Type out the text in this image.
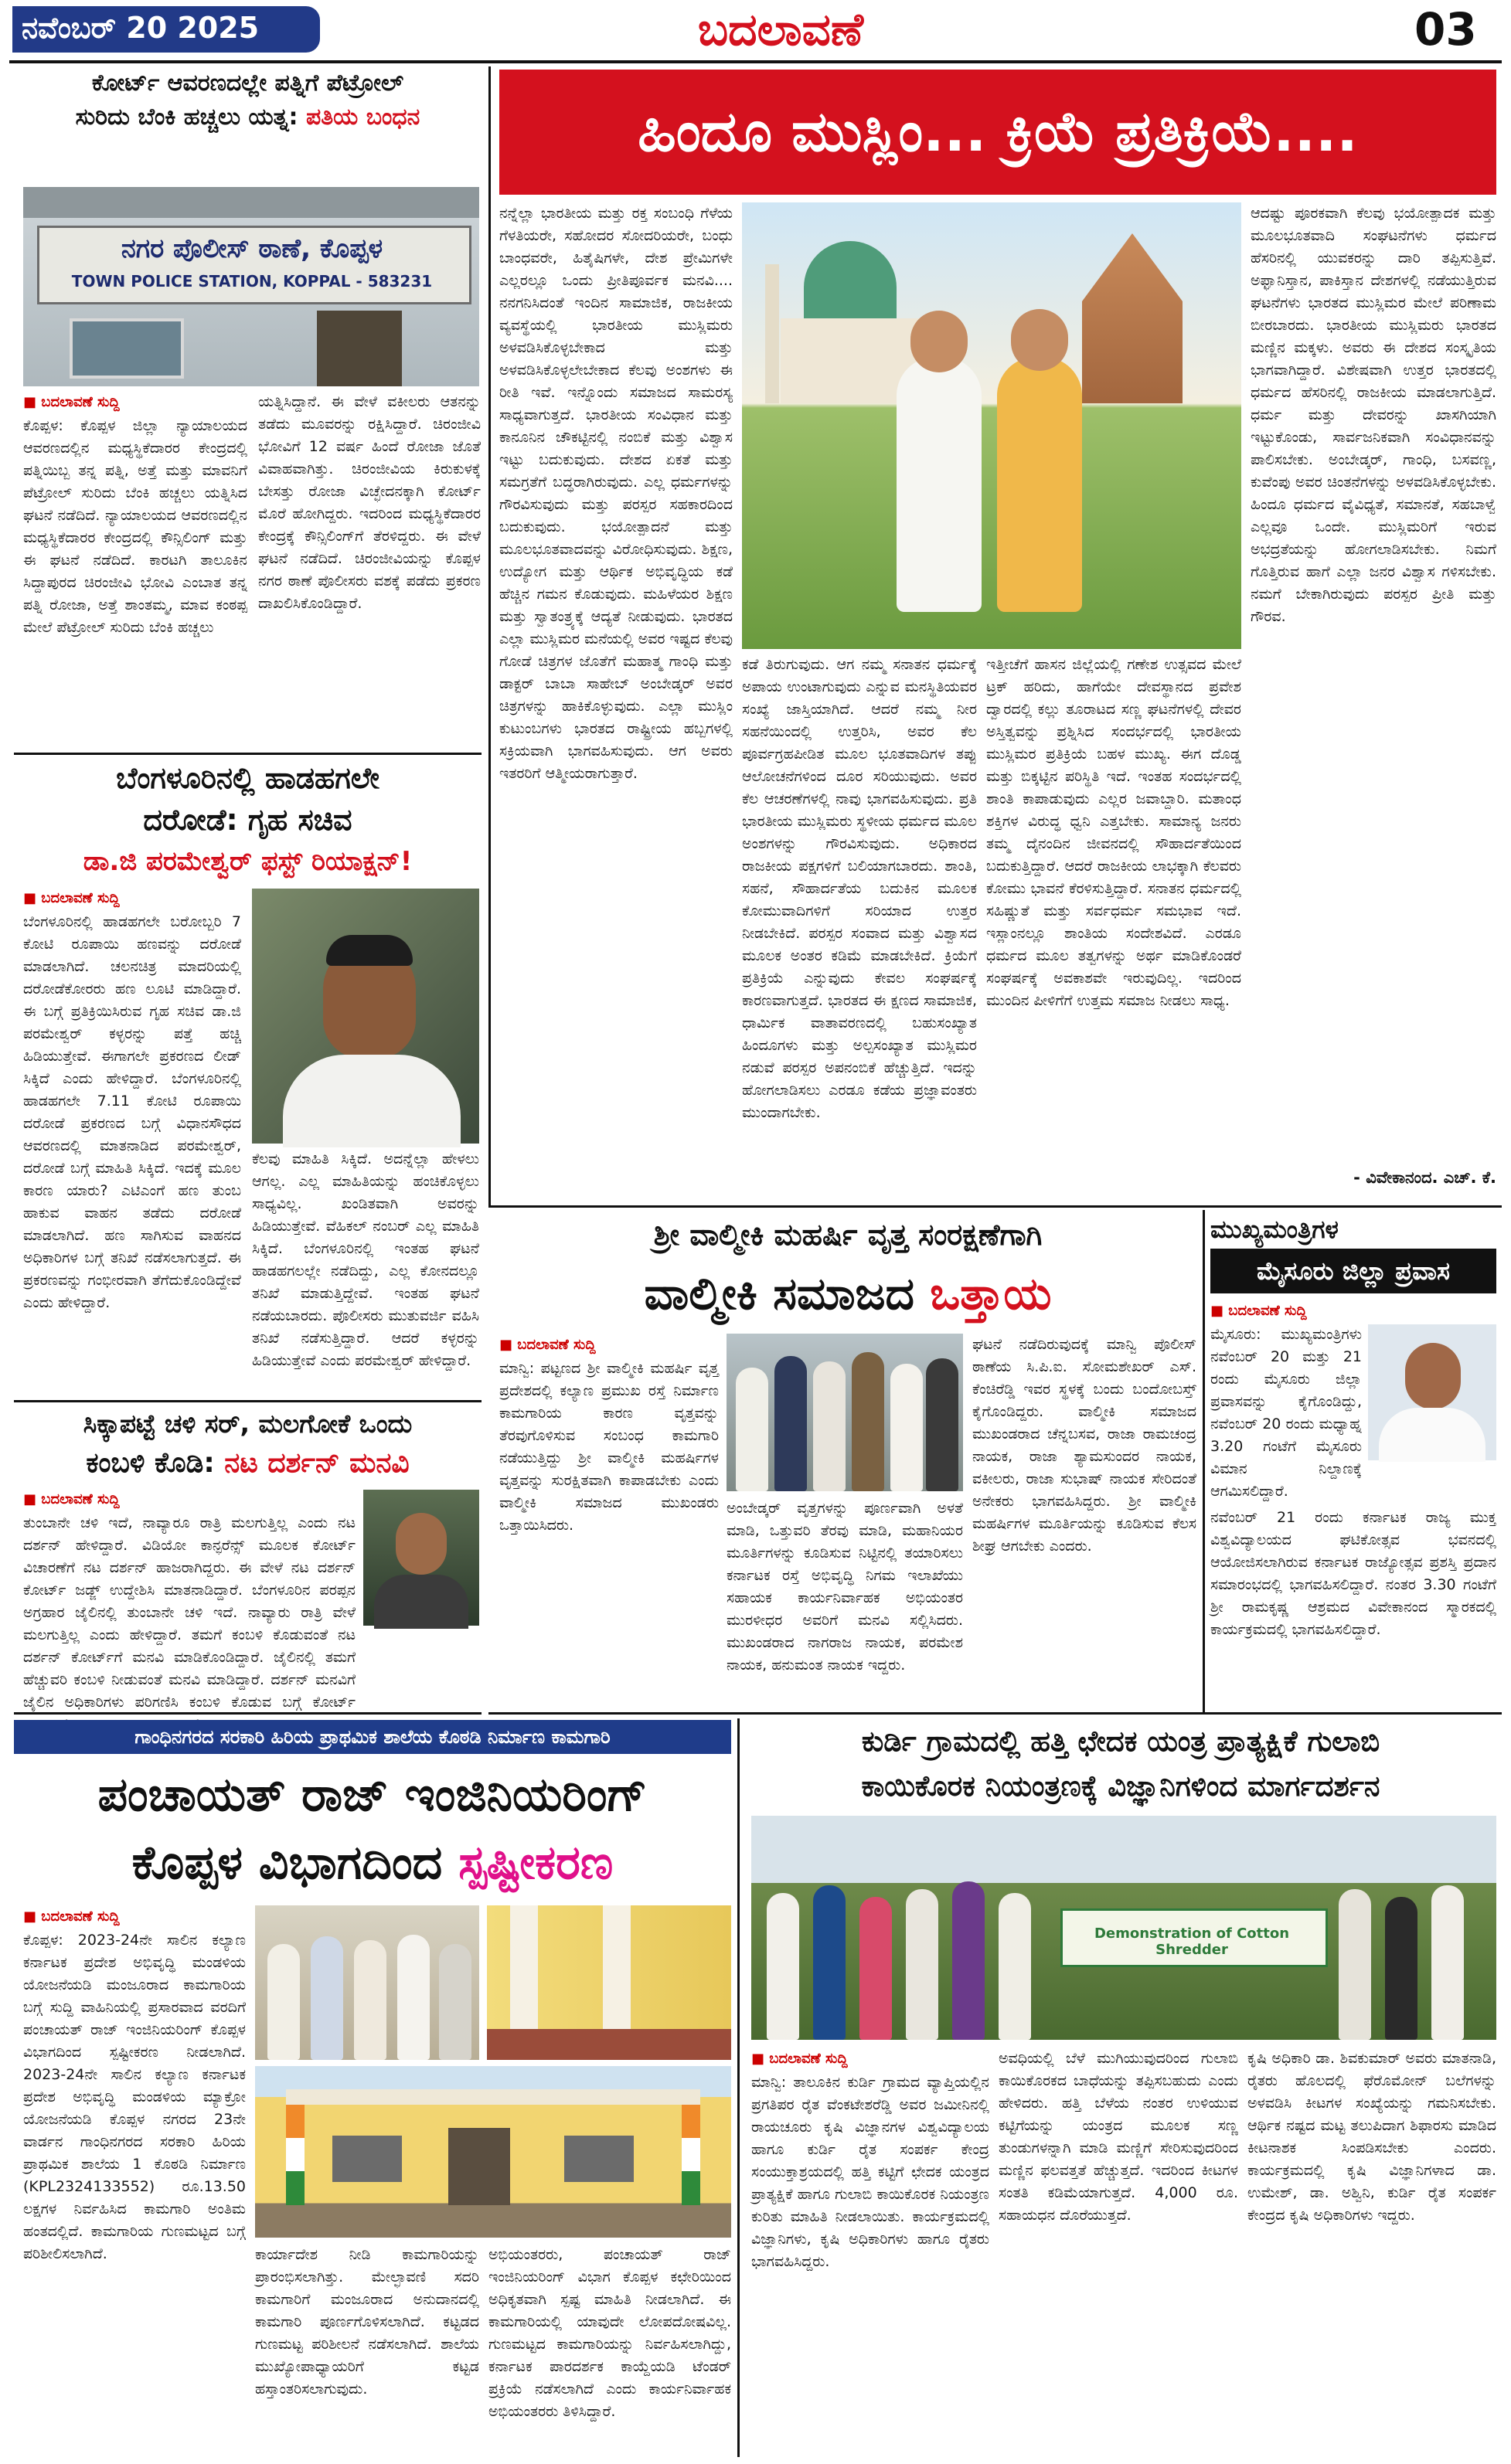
ನವೆಂಬರ್ 20 2025	ಬದಲಾವಣೆ	03
ಕೋರ್ಟ್ ಆವರಣದಲ್ಲೇ ಪತ್ನಿಗೆ ಪೆಟ್ರೋಲ್
ಸುರಿದು ಬೆಂಕಿ ಹಚ್ಚಲು ಯತ್ನ: ಪತಿಯ ಬಂಧನ
ನಗರ ಪೊಲೀಸ್ ಠಾಣೆ, ಕೊಪ್ಪಳ
TOWN POLICE STATION, KOPPAL - 583231
■ ಬದಲಾವಣೆ ಸುದ್ದಿ
ಕೊಪ್ಪಳ: ಕೊಪ್ಪಳ ಜಿಲ್ಲಾ ನ್ಯಾಯಾಲಯದ ಆವರಣದಲ್ಲಿನ ಮಧ್ಯಸ್ಥಿಕೆದಾರರ ಕೇಂದ್ರದಲ್ಲಿ ಪತ್ನಿಯಿಬ್ಬ ತನ್ನ ಪತ್ನಿ, ಅತ್ತೆ ಮತ್ತು ಮಾವನಿಗೆ ಪೆಟ್ರೋಲ್ ಸುರಿದು ಬೆಂಕಿ ಹಚ್ಚಲು ಯತ್ನಿಸಿದ ಘಟನೆ ನಡೆದಿದೆ. ನ್ಯಾಯಾಲಯದ ಆವರಣದಲ್ಲಿನ ಮಧ್ಯಸ್ಥಿಕೆದಾರರ ಕೇಂದ್ರದಲ್ಲಿ ಕೌನ್ಸಿಲಿಂಗ್ ಮತ್ತು ಈ ಘಟನೆ ನಡೆದಿದೆ. ಕಾರಟಗಿ ತಾಲೂಕಿನ ಸಿದ್ದಾಪುರದ ಚಿರಂಜೀವಿ ಭೋವಿ ಎಂಬಾತ ತನ್ನ ಪತ್ನಿ ರೋಜಾ, ಅತ್ತೆ ಶಾಂತಮ್ಮ, ಮಾವ ಕಂಠಪ್ಪ ಮೇಲೆ ಪೆಟ್ರೋಲ್ ಸುರಿದು ಬೆಂಕಿ ಹಚ್ಚಲು
ಯತ್ನಿಸಿದ್ದಾನೆ. ಈ ವೇಳೆ ವಕೀಲರು ಆತನನ್ನು ತಡೆದು ಮೂವರನ್ನು ರಕ್ಷಿಸಿದ್ದಾರೆ. ಚಿರಂಜೀವಿ ಭೋವಿಗೆ 12 ವರ್ಷ ಹಿಂದೆ ರೋಜಾ ಜೊತೆ ವಿವಾಹವಾಗಿತ್ತು. ಚಿರಂಜೀವಿಯ ಕಿರುಕುಳಕ್ಕೆ ಬೇಸತ್ತು ರೋಜಾ ವಿಚ್ಛೇದನಕ್ಕಾಗಿ ಕೋರ್ಟ್ ಮೊರೆ ಹೋಗಿದ್ದರು. ಇದರಿಂದ ಮಧ್ಯಸ್ಥಿಕೆದಾರರ ಕೇಂದ್ರಕ್ಕೆ ಕೌನ್ಸಿಲಿಂಗ್‌ಗೆ ತೆರಳಿದ್ದರು. ಈ ವೇಳೆ ಘಟನೆ ನಡೆದಿದೆ. ಚಿರಂಜೀವಿಯನ್ನು ಕೊಪ್ಪಳ ನಗರ ಠಾಣೆ ಪೊಲೀಸರು ವಶಕ್ಕೆ ಪಡೆದು ಪ್ರಕರಣ ದಾಖಲಿಸಿಕೊಂಡಿದ್ದಾರೆ.
ಬೆಂಗಳೂರಿನಲ್ಲಿ ಹಾಡಹಗಲೇ
ದರೋಡೆ: ಗೃಹ ಸಚಿವ
ಡಾ.ಜಿ ಪರಮೇಶ್ವರ್ ಫಸ್ಟ್ ರಿಯಾಕ್ಷನ್!
■ ಬದಲಾವಣೆ ಸುದ್ದಿ
ಬೆಂಗಳೂರಿನಲ್ಲಿ ಹಾಡಹಗಲೇ ಬರೋಬ್ಬರಿ 7 ಕೋಟಿ ರೂಪಾಯಿ ಹಣವನ್ನು ದರೋಡೆ ಮಾಡಲಾಗಿದೆ. ಚಲನಚಿತ್ರ ಮಾದರಿಯಲ್ಲಿ ದರೋಡೆಕೋರರು ಹಣ ಲೂಟಿ ಮಾಡಿದ್ದಾರೆ. ಈ ಬಗ್ಗೆ ಪ್ರತಿಕ್ರಿಯಿಸಿರುವ ಗೃಹ ಸಚಿವ ಡಾ.ಜಿ ಪರಮೇಶ್ವರ್ ಕಳ್ಳರನ್ನು ಪತ್ತೆ ಹಚ್ಚಿ ಹಿಡಿಯುತ್ತೇವೆ. ಈಗಾಗಲೇ ಪ್ರಕರಣದ ಲೀಡ್ ಸಿಕ್ಕಿದೆ ಎಂದು ಹೇಳಿದ್ದಾರೆ. ಬೆಂಗಳೂರಿನಲ್ಲಿ ಹಾಡಹಗಲೇ 7.11 ಕೋಟಿ ರೂಪಾಯಿ ದರೋಡೆ ಪ್ರಕರಣದ ಬಗ್ಗೆ ವಿಧಾನಸೌಧದ ಆವರಣದಲ್ಲಿ ಮಾತನಾಡಿದ ಪರಮೇಶ್ವರ್, ದರೋಡೆ ಬಗ್ಗೆ ಮಾಹಿತಿ ಸಿಕ್ಕಿದೆ. ಇದಕ್ಕೆ ಮೂಲ ಕಾರಣ ಯಾರು? ಎಟಿಎಂಗೆ ಹಣ ತುಂಬ ಹಾಕುವ ವಾಹನ ತಡೆದು ದರೋಡೆ ಮಾಡಲಾಗಿದೆ. ಹಣ ಸಾಗಿಸುವ ವಾಹನದ ಅಧಿಕಾರಿಗಳ ಬಗ್ಗೆ ತನಿಖೆ ನಡೆಸಲಾಗುತ್ತದೆ. ಈ ಪ್ರಕರಣವನ್ನು ಗಂಭೀರವಾಗಿ ತೆಗೆದುಕೊಂಡಿದ್ದೇವೆ ಎಂದು ಹೇಳಿದ್ದಾರೆ.
ಕೆಲವು ಮಾಹಿತಿ ಸಿಕ್ಕಿದೆ. ಅದನ್ನೆಲ್ಲಾ ಹೇಳಲು ಆಗಲ್ಲ. ಎಲ್ಲ ಮಾಹಿತಿಯನ್ನು ಹಂಚಿಕೊಳ್ಳಲು ಸಾಧ್ಯವಿಲ್ಲ. ಖಂಡಿತವಾಗಿ ಅವರನ್ನು ಹಿಡಿಯುತ್ತೇವೆ. ವೆಹಿಕಲ್ ನಂಬರ್ ಎಲ್ಲ ಮಾಹಿತಿ ಸಿಕ್ಕಿದೆ. ಬೆಂಗಳೂರಿನಲ್ಲಿ ಇಂತಹ ಘಟನೆ ಹಾಡಹಗಲಲ್ಲೇ ನಡೆದಿದ್ದು, ಎಲ್ಲ ಕೋನದಲ್ಲೂ ತನಿಖೆ ಮಾಡುತ್ತಿದ್ದೇವೆ. ಇಂತಹ ಘಟನೆ ನಡೆಯಬಾರದು. ಪೊಲೀಸರು ಮುತುವರ್ಜಿ ವಹಿಸಿ ತನಿಖೆ ನಡೆಸುತ್ತಿದ್ದಾರೆ. ಆದರೆ ಕಳ್ಳರನ್ನು ಹಿಡಿಯುತ್ತೇವೆ ಎಂದು ಪರಮೇಶ್ವರ್ ಹೇಳಿದ್ದಾರೆ.
ಸಿಕ್ಕಾಪಟ್ಟೆ ಚಳಿ ಸರ್, ಮಲಗೋಕೆ ಒಂದು
ಕಂಬಳಿ ಕೊಡಿ: ನಟ ದರ್ಶನ್ ಮನವಿ
■ ಬದಲಾವಣೆ ಸುದ್ದಿ
ತುಂಬಾನೇ ಚಳಿ ಇದೆ, ನಾವ್ಯಾರೂ ರಾತ್ರಿ ಮಲಗುತ್ತಿಲ್ಲ ಎಂದು ನಟ ದರ್ಶನ್ ಹೇಳಿದ್ದಾರೆ. ವಿಡಿಯೋ ಕಾನ್ಫರೆನ್ಸ್ ಮೂಲಕ ಕೋರ್ಟ್ ವಿಚಾರಣೆಗೆ ನಟ ದರ್ಶನ್ ಹಾಜರಾಗಿದ್ದರು. ಈ ವೇಳೆ ನಟ ದರ್ಶನ್ ಕೋರ್ಟ್ ಜಡ್ಜ್ ಉದ್ದೇಶಿಸಿ ಮಾತನಾಡಿದ್ದಾರೆ. ಬೆಂಗಳೂರಿನ ಪರಪ್ಪನ ಅಗ್ರಹಾರ ಜೈಲಿನಲ್ಲಿ ತುಂಬಾನೇ ಚಳಿ ಇದೆ. ನಾವ್ಯಾರು ರಾತ್ರಿ ವೇಳೆ ಮಲಗುತ್ತಿಲ್ಲ ಎಂದು ಹೇಳಿದ್ದಾರೆ. ತಮಗೆ ಕಂಬಳಿ ಕೊಡುವಂತೆ ನಟ ದರ್ಶನ್ ಕೋರ್ಟ್‌ಗೆ ಮನವಿ ಮಾಡಿಕೊಂಡಿದ್ದಾರೆ. ಜೈಲಿನಲ್ಲಿ ತಮಗೆ ಹೆಚ್ಚುವರಿ ಕಂಬಳಿ ನೀಡುವಂತೆ ಮನವಿ ಮಾಡಿದ್ದಾರೆ. ದರ್ಶನ್ ಮನವಿಗೆ ಜೈಲಿನ ಅಧಿಕಾರಿಗಳು ಪರಿಗಣಿಸಿ ಕಂಬಳಿ ಕೊಡುವ ಬಗ್ಗೆ ಕೋರ್ಟ್
ಹಿಂದೂ ಮುಸ್ಲಿಂ... ಕ್ರಿಯೆ ಪ್ರತಿಕ್ರಿಯೆ....
ನನ್ನೆಲ್ಲಾ ಭಾರತೀಯ ಮತ್ತು ರಕ್ತ ಸಂಬಂಧಿ ಗೆಳೆಯ ಗೆಳತಿಯರೇ, ಸಹೋದರ ಸೋದರಿಯರೇ, ಬಂಧು ಬಾಂಧವರೇ, ಹಿತೈಷಿಗಳೇ, ದೇಶ ಪ್ರೇಮಿಗಳೇ ಎಲ್ಲರಲ್ಲೂ ಒಂದು ಪ್ರೀತಿಪೂರ್ವಕ ಮನವಿ.... ನನಗನಿಸಿದಂತೆ ಇಂದಿನ ಸಾಮಾಜಿಕ, ರಾಜಕೀಯ ವ್ಯವಸ್ಥೆಯಲ್ಲಿ ಭಾರತೀಯ ಮುಸ್ಲಿಮರು ಅಳವಡಿಸಿಕೊಳ್ಳಬೇಕಾದ ಮತ್ತು ಅಳವಡಿಸಿಕೊಳ್ಳಲೇಬೇಕಾದ ಕೆಲವು ಅಂಶಗಳು ಈ ರೀತಿ ಇವೆ. ಇನ್ನೊಂದು ಸಮಾಜದ ಸಾಮರಸ್ಯ ಸಾಧ್ಯವಾಗುತ್ತದೆ. ಭಾರತೀಯ ಸಂವಿಧಾನ ಮತ್ತು ಕಾನೂನಿನ ಚೌಕಟ್ಟಿನಲ್ಲಿ ನಂಬಿಕೆ ಮತ್ತು ವಿಶ್ವಾಸ ಇಟ್ಟು ಬದುಕುವುದು. ದೇಶದ ಏಕತೆ ಮತ್ತು ಸಮಗ್ರತೆಗೆ ಬದ್ಧರಾಗಿರುವುದು. ಎಲ್ಲ ಧರ್ಮಗಳನ್ನು ಗೌರವಿಸುವುದು ಮತ್ತು ಪರಸ್ಪರ ಸಹಕಾರದಿಂದ ಬದುಕುವುದು. ಭಯೋತ್ಪಾದನೆ ಮತ್ತು ಮೂಲಭೂತವಾದವನ್ನು ವಿರೋಧಿಸುವುದು. ಶಿಕ್ಷಣ, ಉದ್ಯೋಗ ಮತ್ತು ಆರ್ಥಿಕ ಅಭಿವೃದ್ಧಿಯ ಕಡೆ ಹೆಚ್ಚಿನ ಗಮನ ಕೊಡುವುದು. ಮಹಿಳೆಯರ ಶಿಕ್ಷಣ ಮತ್ತು ಸ್ವಾತಂತ್ರ್ಯಕ್ಕೆ ಆದ್ಯತೆ ನೀಡುವುದು. ಭಾರತದ ಎಲ್ಲಾ ಮುಸ್ಲಿಮರ ಮನೆಯಲ್ಲಿ ಅವರ ಇಷ್ಟದ ಕೆಲವು ಗೋಡೆ ಚಿತ್ರಗಳ ಜೊತೆಗೆ ಮಹಾತ್ಮ ಗಾಂಧಿ ಮತ್ತು ಡಾಕ್ಟರ್ ಬಾಬಾ ಸಾಹೇಬ್ ಅಂಬೇಡ್ಕರ್ ಅವರ ಚಿತ್ರಗಳನ್ನು ಹಾಕಿಕೊಳ್ಳುವುದು. ಎಲ್ಲಾ ಮುಸ್ಲಿಂ ಕುಟುಂಬಗಳು ಭಾರತದ ರಾಷ್ಟ್ರೀಯ ಹಬ್ಬಗಳಲ್ಲಿ ಸಕ್ರಿಯವಾಗಿ ಭಾಗವಹಿಸುವುದು. ಆಗ ಅವರು ಇತರರಿಗೆ ಆತ್ಮೀಯರಾಗುತ್ತಾರೆ.
ಕಡೆ ತಿರುಗುವುದು. ಆಗ ನಮ್ಮ ಸನಾತನ ಧರ್ಮಕ್ಕೆ ಅಪಾಯ ಉಂಟಾಗುವುದು ಎನ್ನುವ ಮನಸ್ಥಿತಿಯವರ ಸಂಖ್ಯೆ ಜಾಸ್ತಿಯಾಗಿದೆ. ಆದರೆ ನಮ್ಮ ನೀರ ಸಹನೆಯಿಂದಲ್ಲಿ ಉತ್ತರಿಸಿ, ಅವರ ಕೆಲ ಪೂರ್ವಗ್ರಹಪೀಡಿತ ಮೂಲ ಭೂತವಾದಿಗಳ ತಪ್ಪು ಆಲೋಚನೆಗಳಿಂದ ದೂರ ಸರಿಯುವುದು. ಅವರ ಕೆಲ ಆಚರಣೆಗಳಲ್ಲಿ ನಾವು ಭಾಗವಹಿಸುವುದು. ಪ್ರತಿ ಭಾರತೀಯ ಮುಸ್ಲಿಮರು ಸ್ಥಳೀಯ ಧರ್ಮದ ಮೂಲ ಅಂಶಗಳನ್ನು ಗೌರವಿಸುವುದು. ಅಧಿಕಾರದ ರಾಜಕೀಯ ಪಕ್ಷಗಳಿಗೆ ಬಲಿಯಾಗಬಾರದು. ಶಾಂತಿ, ಸಹನೆ, ಸೌಹಾರ್ದತೆಯ ಬದುಕಿನ ಮೂಲಕ ಕೋಮುವಾದಿಗಳಿಗೆ ಸರಿಯಾದ ಉತ್ತರ ನೀಡಬೇಕಿದೆ. ಪರಸ್ಪರ ಸಂವಾದ ಮತ್ತು ವಿಶ್ವಾಸದ ಮೂಲಕ ಅಂತರ ಕಡಿಮೆ ಮಾಡಬೇಕಿದೆ. ಕ್ರಿಯೆಗೆ ಪ್ರತಿಕ್ರಿಯೆ ಎನ್ನುವುದು ಕೇವಲ ಸಂಘರ್ಷಕ್ಕೆ ಕಾರಣವಾಗುತ್ತದೆ. ಭಾರತದ ಈ ಕ್ಷಣದ ಸಾಮಾಜಿಕ, ಧಾರ್ಮಿಕ ವಾತಾವರಣದಲ್ಲಿ ಬಹುಸಂಖ್ಯಾತ ಹಿಂದೂಗಳು ಮತ್ತು ಅಲ್ಪಸಂಖ್ಯಾತ ಮುಸ್ಲಿಮರ ನಡುವೆ ಪರಸ್ಪರ ಅಪನಂಬಿಕೆ ಹೆಚ್ಚುತ್ತಿದೆ. ಇದನ್ನು ಹೋಗಲಾಡಿಸಲು ಎರಡೂ ಕಡೆಯ ಪ್ರಜ್ಞಾವಂತರು ಮುಂದಾಗಬೇಕು.
ಇತ್ತೀಚೆಗೆ ಹಾಸನ ಜಿಲ್ಲೆಯಲ್ಲಿ ಗಣೇಶ ಉತ್ಸವದ ಮೇಲೆ ಟ್ರಕ್ ಹರಿದು, ಹಾಗೆಯೇ ದೇವಸ್ಥಾನದ ಪ್ರವೇಶ ದ್ವಾರದಲ್ಲಿ ಕಲ್ಲು ತೂರಾಟದ ಸಣ್ಣ ಘಟನೆಗಳಲ್ಲಿ ದೇವರ ಅಸ್ತಿತ್ವವನ್ನು ಪ್ರಶ್ನಿಸಿದ ಸಂದರ್ಭದಲ್ಲಿ ಭಾರತೀಯ ಮುಸ್ಲಿಮರ ಪ್ರತಿಕ್ರಿಯೆ ಬಹಳ ಮುಖ್ಯ. ಈಗ ದೊಡ್ಡ ಮತ್ತು ಬಿಕ್ಕಟ್ಟಿನ ಪರಿಸ್ಥಿತಿ ಇದೆ. ಇಂತಹ ಸಂದರ್ಭದಲ್ಲಿ ಶಾಂತಿ ಕಾಪಾಡುವುದು ಎಲ್ಲರ ಜವಾಬ್ದಾರಿ. ಮತಾಂಧ ಶಕ್ತಿಗಳ ವಿರುದ್ಧ ಧ್ವನಿ ಎತ್ತಬೇಕು. ಸಾಮಾನ್ಯ ಜನರು ತಮ್ಮ ದೈನಂದಿನ ಜೀವನದಲ್ಲಿ ಸೌಹಾರ್ದತೆಯಿಂದ ಬದುಕುತ್ತಿದ್ದಾರೆ. ಆದರೆ ರಾಜಕೀಯ ಲಾಭಕ್ಕಾಗಿ ಕೆಲವರು ಕೋಮು ಭಾವನೆ ಕೆರಳಿಸುತ್ತಿದ್ದಾರೆ. ಸನಾತನ ಧರ್ಮದಲ್ಲಿ ಸಹಿಷ್ಣುತೆ ಮತ್ತು ಸರ್ವಧರ್ಮ ಸಮಭಾವ ಇದೆ. ಇಸ್ಲಾಂನಲ್ಲೂ ಶಾಂತಿಯ ಸಂದೇಶವಿದೆ. ಎರಡೂ ಧರ್ಮದ ಮೂಲ ತತ್ವಗಳನ್ನು ಅರ್ಥ ಮಾಡಿಕೊಂಡರೆ ಸಂಘರ್ಷಕ್ಕೆ ಅವಕಾಶವೇ ಇರುವುದಿಲ್ಲ. ಇದರಿಂದ ಮುಂದಿನ ಪೀಳಿಗೆಗೆ ಉತ್ತಮ ಸಮಾಜ ನೀಡಲು ಸಾಧ್ಯ.
ಆದಷ್ಟು ಪೂರಕವಾಗಿ ಕೆಲವು ಭಯೋತ್ಪಾದಕ ಮತ್ತು ಮೂಲಭೂತವಾದಿ ಸಂಘಟನೆಗಳು ಧರ್ಮದ ಹೆಸರಿನಲ್ಲಿ ಯುವಕರನ್ನು ದಾರಿ ತಪ್ಪಿಸುತ್ತಿವೆ. ಅಫ್ಘಾನಿಸ್ತಾನ, ಪಾಕಿಸ್ತಾನ ದೇಶಗಳಲ್ಲಿ ನಡೆಯುತ್ತಿರುವ ಘಟನೆಗಳು ಭಾರತದ ಮುಸ್ಲಿಮರ ಮೇಲೆ ಪರಿಣಾಮ ಬೀರಬಾರದು. ಭಾರತೀಯ ಮುಸ್ಲಿಮರು ಭಾರತದ ಮಣ್ಣಿನ ಮಕ್ಕಳು. ಅವರು ಈ ದೇಶದ ಸಂಸ್ಕೃತಿಯ ಭಾಗವಾಗಿದ್ದಾರೆ. ವಿಶೇಷವಾಗಿ ಉತ್ತರ ಭಾರತದಲ್ಲಿ ಧರ್ಮದ ಹೆಸರಿನಲ್ಲಿ ರಾಜಕೀಯ ಮಾಡಲಾಗುತ್ತಿದೆ. ಧರ್ಮ ಮತ್ತು ದೇವರನ್ನು ಖಾಸಗಿಯಾಗಿ ಇಟ್ಟುಕೊಂಡು, ಸಾರ್ವಜನಿಕವಾಗಿ ಸಂವಿಧಾನವನ್ನು ಪಾಲಿಸಬೇಕು. ಅಂಬೇಡ್ಕರ್, ಗಾಂಧಿ, ಬಸವಣ್ಣ, ಕುವೆಂಪು ಅವರ ಚಿಂತನೆಗಳನ್ನು ಅಳವಡಿಸಿಕೊಳ್ಳಬೇಕು. ಹಿಂದೂ ಧರ್ಮದ ವೈವಿಧ್ಯತೆ, ಸಮಾನತೆ, ಸಹಬಾಳ್ವೆ ಎಲ್ಲವೂ ಒಂದೇ. ಮುಸ್ಲಿಮರಿಗೆ ಇರುವ ಅಭದ್ರತೆಯನ್ನು ಹೋಗಲಾಡಿಸಬೇಕು. ನಿಮಗೆ ಗೊತ್ತಿರುವ ಹಾಗೆ ಎಲ್ಲಾ ಜನರ ವಿಶ್ವಾಸ ಗಳಿಸಬೇಕು. ನಮಗೆ ಬೇಕಾಗಿರುವುದು ಪರಸ್ಪರ ಪ್ರೀತಿ ಮತ್ತು ಗೌರವ.
- ವಿವೇಕಾನಂದ. ಎಚ್. ಕೆ.
ಶ್ರೀ ವಾಲ್ಮೀಕಿ ಮಹರ್ಷಿ ವೃತ್ತ ಸಂರಕ್ಷಣೆಗಾಗಿ
ವಾಲ್ಮೀಕಿ ಸಮಾಜದ ಒತ್ತಾಯ
■ ಬದಲಾವಣೆ ಸುದ್ದಿ
ಮಾನ್ವಿ: ಪಟ್ಟಣದ ಶ್ರೀ ವಾಲ್ಮೀಕಿ ಮಹರ್ಷಿ ವೃತ್ತ ಪ್ರದೇಶದಲ್ಲಿ ಕಲ್ಯಾಣ ಪ್ರಮುಖ ರಸ್ತೆ ನಿರ್ಮಾಣ ಕಾಮಗಾರಿಯ ಕಾರಣ ವೃತ್ತವನ್ನು ತೆರವುಗೊಳಿಸುವ ಸಂಬಂಧ ಕಾಮಗಾರಿ ನಡೆಯುತ್ತಿದ್ದು ಶ್ರೀ ವಾಲ್ಮೀಕಿ ಮಹರ್ಷಿಗಳ ವೃತ್ತವನ್ನು ಸುರಕ್ಷಿತವಾಗಿ ಕಾಪಾಡಬೇಕು ಎಂದು ವಾಲ್ಮೀಕಿ ಸಮಾಜದ ಮುಖಂಡರು ಒತ್ತಾಯಿಸಿದರು.
ಅಂಬೇಡ್ಕರ್ ವೃತ್ತಗಳನ್ನು ಪೂರ್ಣವಾಗಿ ಅಳತೆ ಮಾಡಿ, ಒತ್ತುವರಿ ತೆರವು ಮಾಡಿ, ಮಹಾನಿಯರ ಮೂರ್ತಿಗಳನ್ನು ಕೂಡಿಸುವ ನಿಟ್ಟಿನಲ್ಲಿ ತಯಾರಿಸಲು ಕರ್ನಾಟಕ ರಸ್ತೆ ಅಭಿವೃದ್ಧಿ ನಿಗಮ ಇಲಾಖೆಯು ಸಹಾಯಕ ಕಾರ್ಯನಿರ್ವಾಹಕ ಅಭಿಯಂತರ ಮುರಳೀಧರ ಅವರಿಗೆ ಮನವಿ ಸಲ್ಲಿಸಿದರು. ಮುಖಂಡರಾದ ನಾಗರಾಜ ನಾಯಕ, ಪರಮೇಶ ನಾಯಕ, ಹನುಮಂತ ನಾಯಕ ಇದ್ದರು.
ಘಟನೆ ನಡೆದಿರುವುದಕ್ಕೆ ಮಾನ್ವಿ ಪೊಲೀಸ್ ಠಾಣೆಯ ಸಿ.ಪಿ.ಐ. ಸೋಮಶೇಖರ್ ಎಸ್. ಕೆಂಚಿರೆಡ್ಡಿ ಇವರ ಸ್ಥಳಕ್ಕೆ ಬಂದು ಬಂದೋಬಸ್ತ್ ಕೈಗೊಂಡಿದ್ದರು. ವಾಲ್ಮೀಕಿ ಸಮಾಜದ ಮುಖಂಡರಾದ ಚೆನ್ನಬಸವ, ರಾಜಾ ರಾಮಚಂದ್ರ ನಾಯಕ, ರಾಜಾ ಶ್ಯಾಮಸುಂದರ ನಾಯಕ, ವಕೀಲರು, ರಾಜಾ ಸುಭಾಷ್ ನಾಯಕ ಸೇರಿದಂತೆ ಅನೇಕರು ಭಾಗವಹಿಸಿದ್ದರು. ಶ್ರೀ ವಾಲ್ಮೀಕಿ ಮಹರ್ಷಿಗಳ ಮೂರ್ತಿಯನ್ನು ಕೂಡಿಸುವ ಕೆಲಸ ಶೀಘ್ರ ಆಗಬೇಕು ಎಂದರು.
ಮುಖ್ಯಮಂತ್ರಿಗಳ
ಮೈಸೂರು ಜಿಲ್ಲಾ ಪ್ರವಾಸ
■ ಬದಲಾವಣೆ ಸುದ್ದಿ
ಮೈಸೂರು: ಮುಖ್ಯಮಂತ್ರಿಗಳು ನವೆಂಬರ್ 20 ಮತ್ತು 21 ರಂದು ಮೈಸೂರು ಜಿಲ್ಲಾ ಪ್ರವಾಸವನ್ನು ಕೈಗೊಂಡಿದ್ದು, ನವೆಂಬರ್ 20 ರಂದು ಮಧ್ಯಾಹ್ನ 3.20 ಗಂಟೆಗೆ ಮೈಸೂರು ವಿಮಾನ ನಿಲ್ದಾಣಕ್ಕೆ ಆಗಮಿಸಲಿದ್ದಾರೆ.
ನವೆಂಬರ್ 21 ರಂದು ಕರ್ನಾಟಕ ರಾಜ್ಯ ಮುಕ್ತ ವಿಶ್ವವಿದ್ಯಾಲಯದ ಘಟಿಕೋತ್ಸವ ಭವನದಲ್ಲಿ ಆಯೋಜಿಸಲಾಗಿರುವ ಕರ್ನಾಟಕ ರಾಜ್ಯೋತ್ಸವ ಪ್ರಶಸ್ತಿ ಪ್ರದಾನ ಸಮಾರಂಭದಲ್ಲಿ ಭಾಗವಹಿಸಲಿದ್ದಾರೆ. ನಂತರ 3.30 ಗಂಟೆಗೆ ಶ್ರೀ ರಾಮಕೃಷ್ಣ ಆಶ್ರಮದ ವಿವೇಕಾನಂದ ಸ್ಮಾರಕದಲ್ಲಿ ಕಾರ್ಯಕ್ರಮದಲ್ಲಿ ಭಾಗವಹಿಸಲಿದ್ದಾರೆ.
ಗಾಂಧಿನಗರದ ಸರಕಾರಿ ಹಿರಿಯ ಪ್ರಾಥಮಿಕ ಶಾಲೆಯ ಕೊಠಡಿ ನಿರ್ಮಾಣ ಕಾಮಗಾರಿ
ಪಂಚಾಯತ್ ರಾಜ್ ಇಂಜಿನಿಯರಿಂಗ್
ಕೊಪ್ಪಳ ವಿಭಾಗದಿಂದ ಸ್ಪಷ್ಟೀಕರಣ
■ ಬದಲಾವಣೆ ಸುದ್ದಿ
ಕೊಪ್ಪಳ: 2023-24ನೇ ಸಾಲಿನ ಕಲ್ಯಾಣ ಕರ್ನಾಟಕ ಪ್ರದೇಶ ಅಭಿವೃದ್ಧಿ ಮಂಡಳಿಯ ಯೋಜನೆಯಡಿ ಮಂಜೂರಾದ ಕಾಮಗಾರಿಯ ಬಗ್ಗೆ ಸುದ್ದಿ ವಾಹಿನಿಯಲ್ಲಿ ಪ್ರಸಾರವಾದ ವರದಿಗೆ ಪಂಚಾಯತ್ ರಾಜ್ ಇಂಜಿನಿಯರಿಂಗ್ ಕೊಪ್ಪಳ ವಿಭಾಗದಿಂದ ಸ್ಪಷ್ಟೀಕರಣ ನೀಡಲಾಗಿದೆ. 2023-24ನೇ ಸಾಲಿನ ಕಲ್ಯಾಣ ಕರ್ನಾಟಕ ಪ್ರದೇಶ ಅಭಿವೃದ್ಧಿ ಮಂಡಳಿಯ ಮ್ಯಾಕ್ರೋ ಯೋಜನೆಯಡಿ ಕೊಪ್ಪಳ ನಗರದ 23ನೇ ವಾರ್ಡನ ಗಾಂಧಿನಗರದ ಸರಕಾರಿ ಹಿರಿಯ ಪ್ರಾಥಮಿಕ ಶಾಲೆಯ 1 ಕೊಠಡಿ ನಿರ್ಮಾಣ (KPL2324133552) ರೂ.13.50 ಲಕ್ಷಗಳ ನಿರ್ವಹಿಸಿದ ಕಾಮಗಾರಿ ಅಂತಿಮ ಹಂತದಲ್ಲಿದೆ. ಕಾಮಗಾರಿಯ ಗುಣಮಟ್ಟದ ಬಗ್ಗೆ ಪರಿಶೀಲಿಸಲಾಗಿದೆ.	ಕಾರ್ಯಾದೇಶ ನೀಡಿ ಕಾಮಗಾರಿಯನ್ನು ಪ್ರಾರಂಭಿಸಲಾಗಿತ್ತು. ಮೇಲ್ಛಾವಣಿ ಸದರಿ ಕಾಮಗಾರಿಗೆ ಮಂಜೂರಾದ ಅನುದಾನದಲ್ಲಿ ಕಾಮಗಾರಿ ಪೂರ್ಣಗೊಳಿಸಲಾಗಿದೆ. ಕಟ್ಟಡದ ಗುಣಮಟ್ಟ ಪರಿಶೀಲನೆ ನಡೆಸಲಾಗಿದೆ. ಶಾಲೆಯ ಮುಖ್ಯೋಪಾಧ್ಯಾಯರಿಗೆ ಕಟ್ಟಡ ಹಸ್ತಾಂತರಿಸಲಾಗುವುದು.
ಅಭಿಯಂತರರು, ಪಂಚಾಯತ್ ರಾಜ್ ಇಂಜಿನಿಯರಿಂಗ್ ವಿಭಾಗ ಕೊಪ್ಪಳ ಕಛೇರಿಯಿಂದ ಅಧಿಕೃತವಾಗಿ ಸ್ಪಷ್ಟ ಮಾಹಿತಿ ನೀಡಲಾಗಿದೆ. ಈ ಕಾಮಗಾರಿಯಲ್ಲಿ ಯಾವುದೇ ಲೋಪದೋಷವಿಲ್ಲ. ಗುಣಮಟ್ಟದ ಕಾಮಗಾರಿಯನ್ನು ನಿರ್ವಹಿಸಲಾಗಿದ್ದು, ಕರ್ನಾಟಕ ಪಾರದರ್ಶಕ ಕಾಯ್ದೆಯಡಿ ಟೆಂಡರ್ ಪ್ರಕ್ರಿಯೆ ನಡೆಸಲಾಗಿದೆ ಎಂದು ಕಾರ್ಯನಿರ್ವಾಹಕ ಅಭಿಯಂತರರು ತಿಳಿಸಿದ್ದಾರೆ.
ಕುರ್ಡಿ ಗ್ರಾಮದಲ್ಲಿ ಹತ್ತಿ ಛೇದಕ ಯಂತ್ರ ಪ್ರಾತ್ಯಕ್ಷಿಕೆ ಗುಲಾಬಿ
ಕಾಯಿಕೊರಕ ನಿಯಂತ್ರಣಕ್ಕೆ ವಿಜ್ಞಾನಿಗಳಿಂದ ಮಾರ್ಗದರ್ಶನ
Demonstration of Cotton Shredder
■ ಬದಲಾವಣೆ ಸುದ್ದಿ
ಮಾನ್ವಿ: ತಾಲೂಕಿನ ಕುರ್ಡಿ ಗ್ರಾಮದ ವ್ಯಾಪ್ತಿಯಲ್ಲಿನ ಪ್ರಗತಿಪರ ರೈತ ವೆಂಕಟೇಶರೆಡ್ಡಿ ಅವರ ಜಮೀನಿನಲ್ಲಿ ರಾಯಚೂರು ಕೃಷಿ ವಿಜ್ಞಾನಗಳ ವಿಶ್ವವಿದ್ಯಾಲಯ ಹಾಗೂ ಕುರ್ಡಿ ರೈತ ಸಂಪರ್ಕ ಕೇಂದ್ರ ಸಂಯುಕ್ತಾಶ್ರಯದಲ್ಲಿ ಹತ್ತಿ ಕಟ್ಟಿಗೆ ಛೇದಕ ಯಂತ್ರದ ಪ್ರಾತ್ಯಕ್ಷಿಕೆ ಹಾಗೂ ಗುಲಾಬಿ ಕಾಯಿಕೊರಕ ನಿಯಂತ್ರಣ ಕುರಿತು ಮಾಹಿತಿ ನೀಡಲಾಯಿತು. ಕಾರ್ಯಕ್ರಮದಲ್ಲಿ ವಿಜ್ಞಾನಿಗಳು, ಕೃಷಿ ಅಧಿಕಾರಿಗಳು ಹಾಗೂ ರೈತರು ಭಾಗವಹಿಸಿದ್ದರು.
ಅವಧಿಯಲ್ಲಿ ಬೆಳೆ ಮುಗಿಯುವುದರಿಂದ ಗುಲಾಬಿ ಕಾಯಿಕೊರಕದ ಬಾಧೆಯನ್ನು ತಪ್ಪಿಸಬಹುದು ಎಂದು ಹೇಳಿದರು. ಹತ್ತಿ ಬೆಳೆಯ ನಂತರ ಉಳಿಯುವ ಕಟ್ಟಿಗೆಯನ್ನು ಯಂತ್ರದ ಮೂಲಕ ಸಣ್ಣ ತುಂಡುಗಳನ್ನಾಗಿ ಮಾಡಿ ಮಣ್ಣಿಗೆ ಸೇರಿಸುವುದರಿಂದ ಮಣ್ಣಿನ ಫಲವತ್ತತೆ ಹೆಚ್ಚುತ್ತದೆ. ಇದರಿಂದ ಕೀಟಗಳ ಸಂತತಿ ಕಡಿಮೆಯಾಗುತ್ತದೆ. 4,000 ರೂ. ಸಹಾಯಧನ ದೊರೆಯುತ್ತದೆ.
ಕೃಷಿ ಅಧಿಕಾರಿ ಡಾ. ಶಿವಕುಮಾರ್ ಅವರು ಮಾತನಾಡಿ, ರೈತರು ಹೊಲದಲ್ಲಿ ಫೆರೊಮೋನ್ ಬಲೆಗಳನ್ನು ಅಳವಡಿಸಿ ಕೀಟಗಳ ಸಂಖ್ಯೆಯನ್ನು ಗಮನಿಸಬೇಕು. ಆರ್ಥಿಕ ನಷ್ಟದ ಮಟ್ಟ ತಲುಪಿದಾಗ ಶಿಫಾರಸು ಮಾಡಿದ ಕೀಟನಾಶಕ ಸಿಂಪಡಿಸಬೇಕು ಎಂದರು. ಕಾರ್ಯಕ್ರಮದಲ್ಲಿ ಕೃಷಿ ವಿಜ್ಞಾನಿಗಳಾದ ಡಾ. ಉಮೇಶ್, ಡಾ. ಅಶ್ವಿನಿ, ಕುರ್ಡಿ ರೈತ ಸಂಪರ್ಕ ಕೇಂದ್ರದ ಕೃಷಿ ಅಧಿಕಾರಿಗಳು ಇದ್ದರು.
